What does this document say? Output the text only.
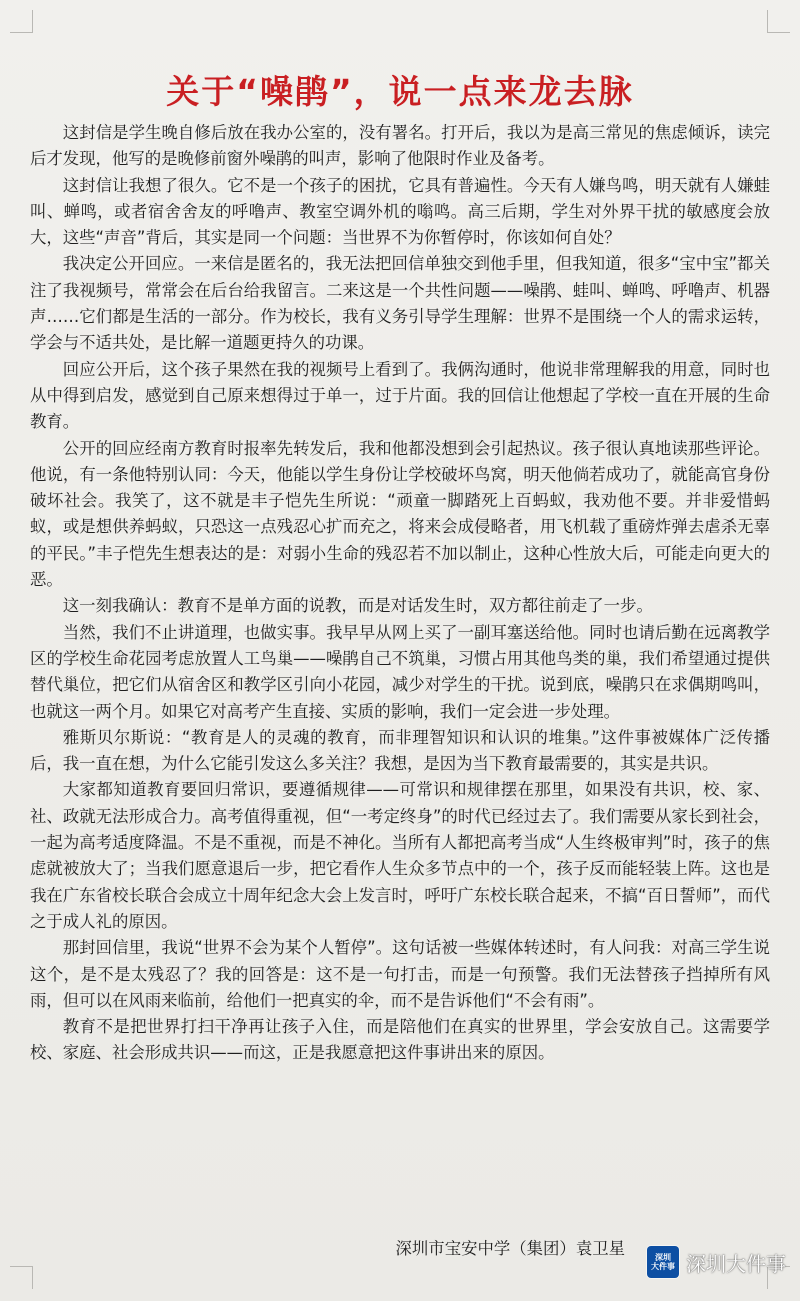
关于“噪鹃”，说一点来龙去脉

这封信是学生晚自修后放在我办公室的，没有署名。打开后，我以为是高三常见的焦虑倾诉，读完后才发现，他写的是晚修前窗外噪鹃的叫声，影响了他限时作业及备考。

这封信让我想了很久。它不是一个孩子的困扰，它具有普遍性。今天有人嫌鸟鸣，明天就有人嫌蛙叫、蝉鸣，或者宿舍舍友的呼噜声、教室空调外机的嗡鸣。高三后期，学生对外界干扰的敏感度会放大，这些“声音”背后，其实是同一个问题：当世界不为你暂停时，你该如何自处？

我决定公开回应。一来信是匿名的，我无法把回信单独交到他手里，但我知道，很多“宝中宝”都关注了我视频号，常常会在后台给我留言。二来这是一个共性问题——噪鹃、蛙叫、蝉鸣、呼噜声、机器声……它们都是生活的一部分。作为校长，我有义务引导学生理解：世界不是围绕一个人的需求运转，学会与不适共处，是比解一道题更持久的功课。

回应公开后，这个孩子果然在我的视频号上看到了。我俩沟通时，他说非常理解我的用意，同时也从中得到启发，感觉到自己原来想得过于单一，过于片面。我的回信让他想起了学校一直在开展的生命教育。

公开的回应经南方教育时报率先转发后，我和他都没想到会引起热议。孩子很认真地读那些评论。他说，有一条他特别认同：今天，他能以学生身份让学校破坏鸟窝，明天他倘若成功了，就能高官身份破坏社会。我笑了，这不就是丰子恺先生所说：“顽童一脚踏死上百蚂蚁，我劝他不要。并非爱惜蚂蚁，或是想供养蚂蚁，只恐这一点残忍心扩而充之，将来会成侵略者，用飞机载了重磅炸弹去虐杀无辜的平民。”丰子恺先生想表达的是：对弱小生命的残忍若不加以制止，这种心性放大后，可能走向更大的恶。

这一刻我确认：教育不是单方面的说教，而是对话发生时，双方都往前走了一步。

当然，我们不止讲道理，也做实事。我早早从网上买了一副耳塞送给他。同时也请后勤在远离教学区的学校生命花园考虑放置人工鸟巢——噪鹃自己不筑巢，习惯占用其他鸟类的巢，我们希望通过提供替代巢位，把它们从宿舍区和教学区引向小花园，减少对学生的干扰。说到底，噪鹃只在求偶期鸣叫，也就这一两个月。如果它对高考产生直接、实质的影响，我们一定会进一步处理。

雅斯贝尔斯说：“教育是人的灵魂的教育，而非理智知识和认识的堆集。”这件事被媒体广泛传播后，我一直在想，为什么它能引发这么多关注？我想，是因为当下教育最需要的，其实是共识。

大家都知道教育要回归常识，要遵循规律——可常识和规律摆在那里，如果没有共识，校、家、社、政就无法形成合力。高考值得重视，但“一考定终身”的时代已经过去了。我们需要从家长到社会，一起为高考适度降温。不是不重视，而是不神化。当所有人都把高考当成“人生终极审判”时，孩子的焦虑就被放大了；当我们愿意退后一步，把它看作人生众多节点中的一个，孩子反而能轻装上阵。这也是我在广东省校长联合会成立十周年纪念大会上发言时，呼吁广东校长联合起来，不搞“百日誓师”，而代之于成人礼的原因。

那封回信里，我说“世界不会为某个人暂停”。这句话被一些媒体转述时，有人问我：对高三学生说这个，是不是太残忍了？我的回答是：这不是一句打击，而是一句预警。我们无法替孩子挡掉所有风雨，但可以在风雨来临前，给他们一把真实的伞，而不是告诉他们“不会有雨”。

教育不是把世界打扫干净再让孩子入住，而是陪他们在真实的世界里，学会安放自己。这需要学校、家庭、社会形成共识——而这，正是我愿意把这件事讲出来的原因。

深圳市宝安中学（集团）袁卫星	深圳
大件事 深圳大件事
